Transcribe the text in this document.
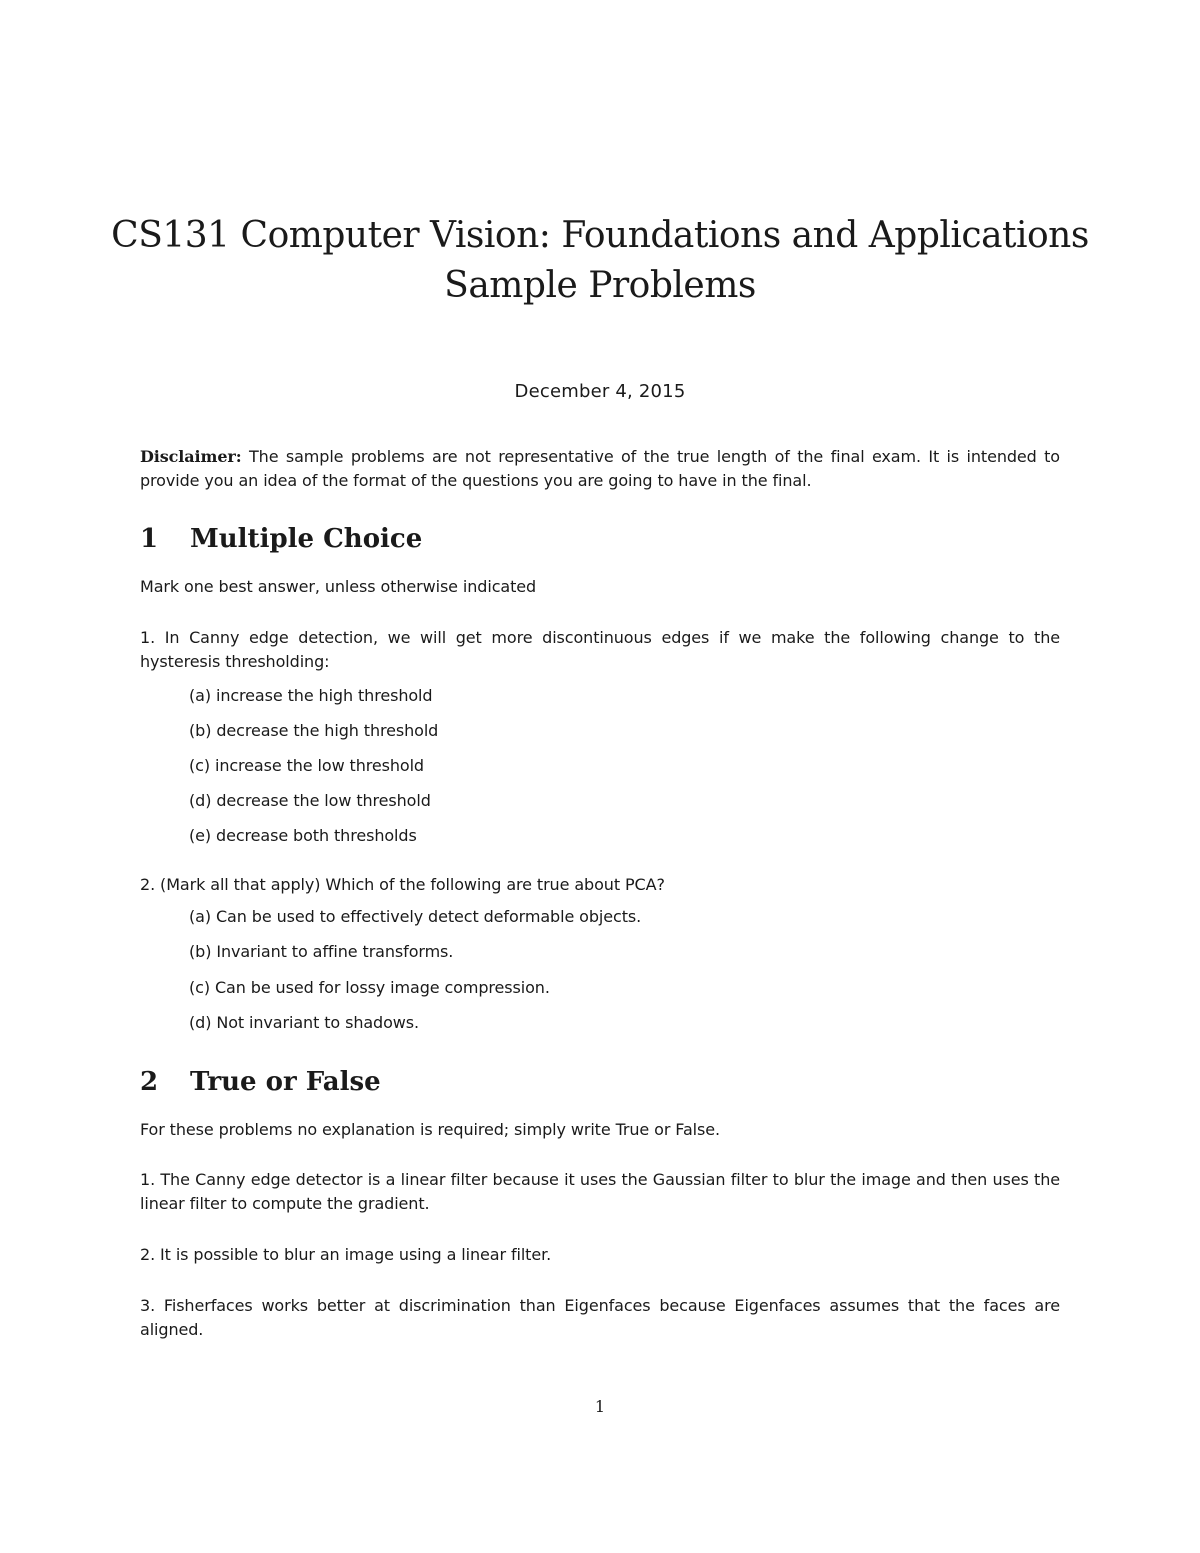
CS131 Computer Vision: Foundations and Applications
Sample Problems
December 4, 2015
Disclaimer: The sample problems are not representative of the true length of the final exam. It is intended to provide you an idea of the format of the questions you are going to have in the final.
1 Multiple Choice
Mark one best answer, unless otherwise indicated
1. In Canny edge detection, we will get more discontinuous edges if we make the following change to the hysteresis thresholding:
(a) increase the high threshold
(b) decrease the high threshold
(c) increase the low threshold
(d) decrease the low threshold
(e) decrease both thresholds
2. (Mark all that apply) Which of the following are true about PCA?
(a) Can be used to effectively detect deformable objects.
(b) Invariant to affine transforms.
(c) Can be used for lossy image compression.
(d) Not invariant to shadows.
2 True or False
For these problems no explanation is required; simply write True or False.
1. The Canny edge detector is a linear filter because it uses the Gaussian filter to blur the image and then uses the linear filter to compute the gradient.
2. It is possible to blur an image using a linear filter.
3. Fisherfaces works better at discrimination than Eigenfaces because Eigenfaces assumes that the faces are aligned.
1
